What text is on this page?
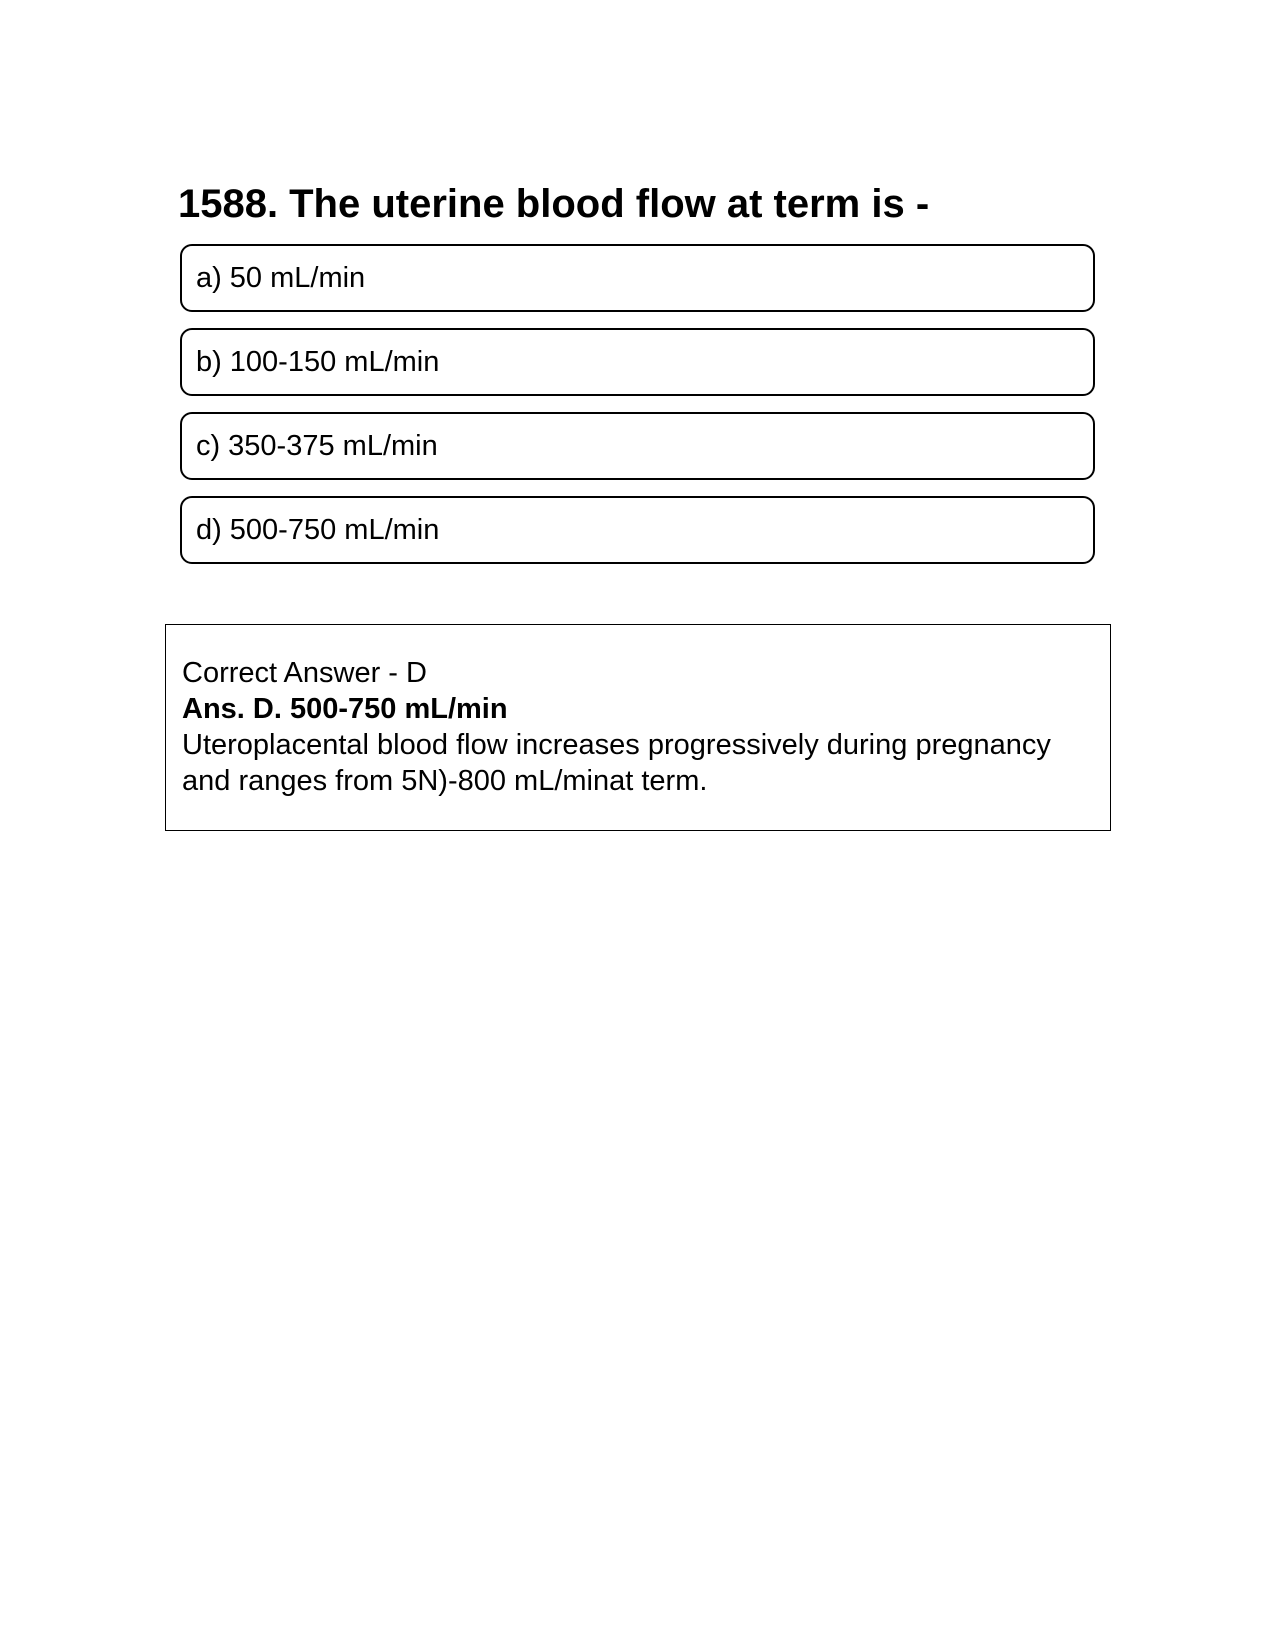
1588. The uterine blood flow at term is -
a) 50 mL/min
b) 100-150 mL/min
c) 350-375 mL/min
d) 500-750 mL/min
Correct Answer - D
Ans. D. 500-750 mL/min
Uteroplacental blood flow increases progressively during pregnancy and ranges from 5N)-800 mL/minat term.
